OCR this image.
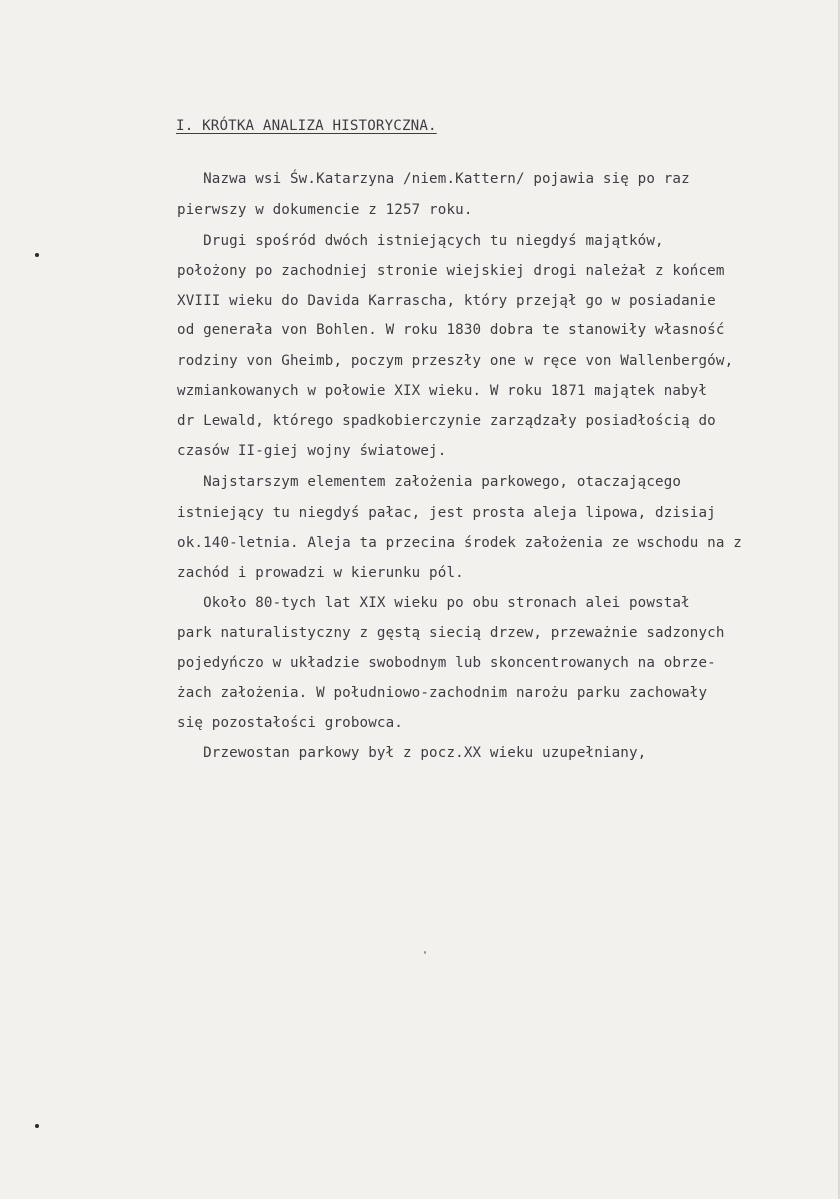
I. KRÓTKA ANALIZA HISTORYCZNA.

Nazwa wsi Św.Katarzyna /niem.Kattern/ pojawia się po raz

pierwszy w dokumencie z 1257 roku.

Drugi spośród dwóch istniejących tu niegdyś majątków,

położony po zachodniej stronie wiejskiej drogi należał z końcem

XVIII wieku do Davida Karrascha, który przejął go w posiadanie

od generała von Bohlen. W roku 1830 dobra te stanowiły własność

rodziny von Gheimb, poczym przeszły one w ręce von Wallenbergów,

wzmiankowanych w połowie XIX wieku. W roku 1871 majątek nabył

dr Lewald, którego spadkobierczynie zarządzały posiadłością do

czasów II-giej wojny światowej.

Najstarszym elementem założenia parkowego, otaczającego

istniejący tu niegdyś pałac, jest prosta aleja lipowa, dzisiaj

ok.140-letnia. Aleja ta przecina środek założenia ze wschodu na z

zachód i prowadzi w kierunku pól.

Około 80-tych lat XIX wieku po obu stronach alei powstał

park naturalistyczny z gęstą siecią drzew, przeważnie sadzonych

pojedyńczo w układzie swobodnym lub skoncentrowanych na obrze-

żach założenia. W południowo-zachodnim narożu parku zachowały

się pozostałości grobowca.

Drzewostan parkowy był z pocz.XX wieku uzupełniany,
